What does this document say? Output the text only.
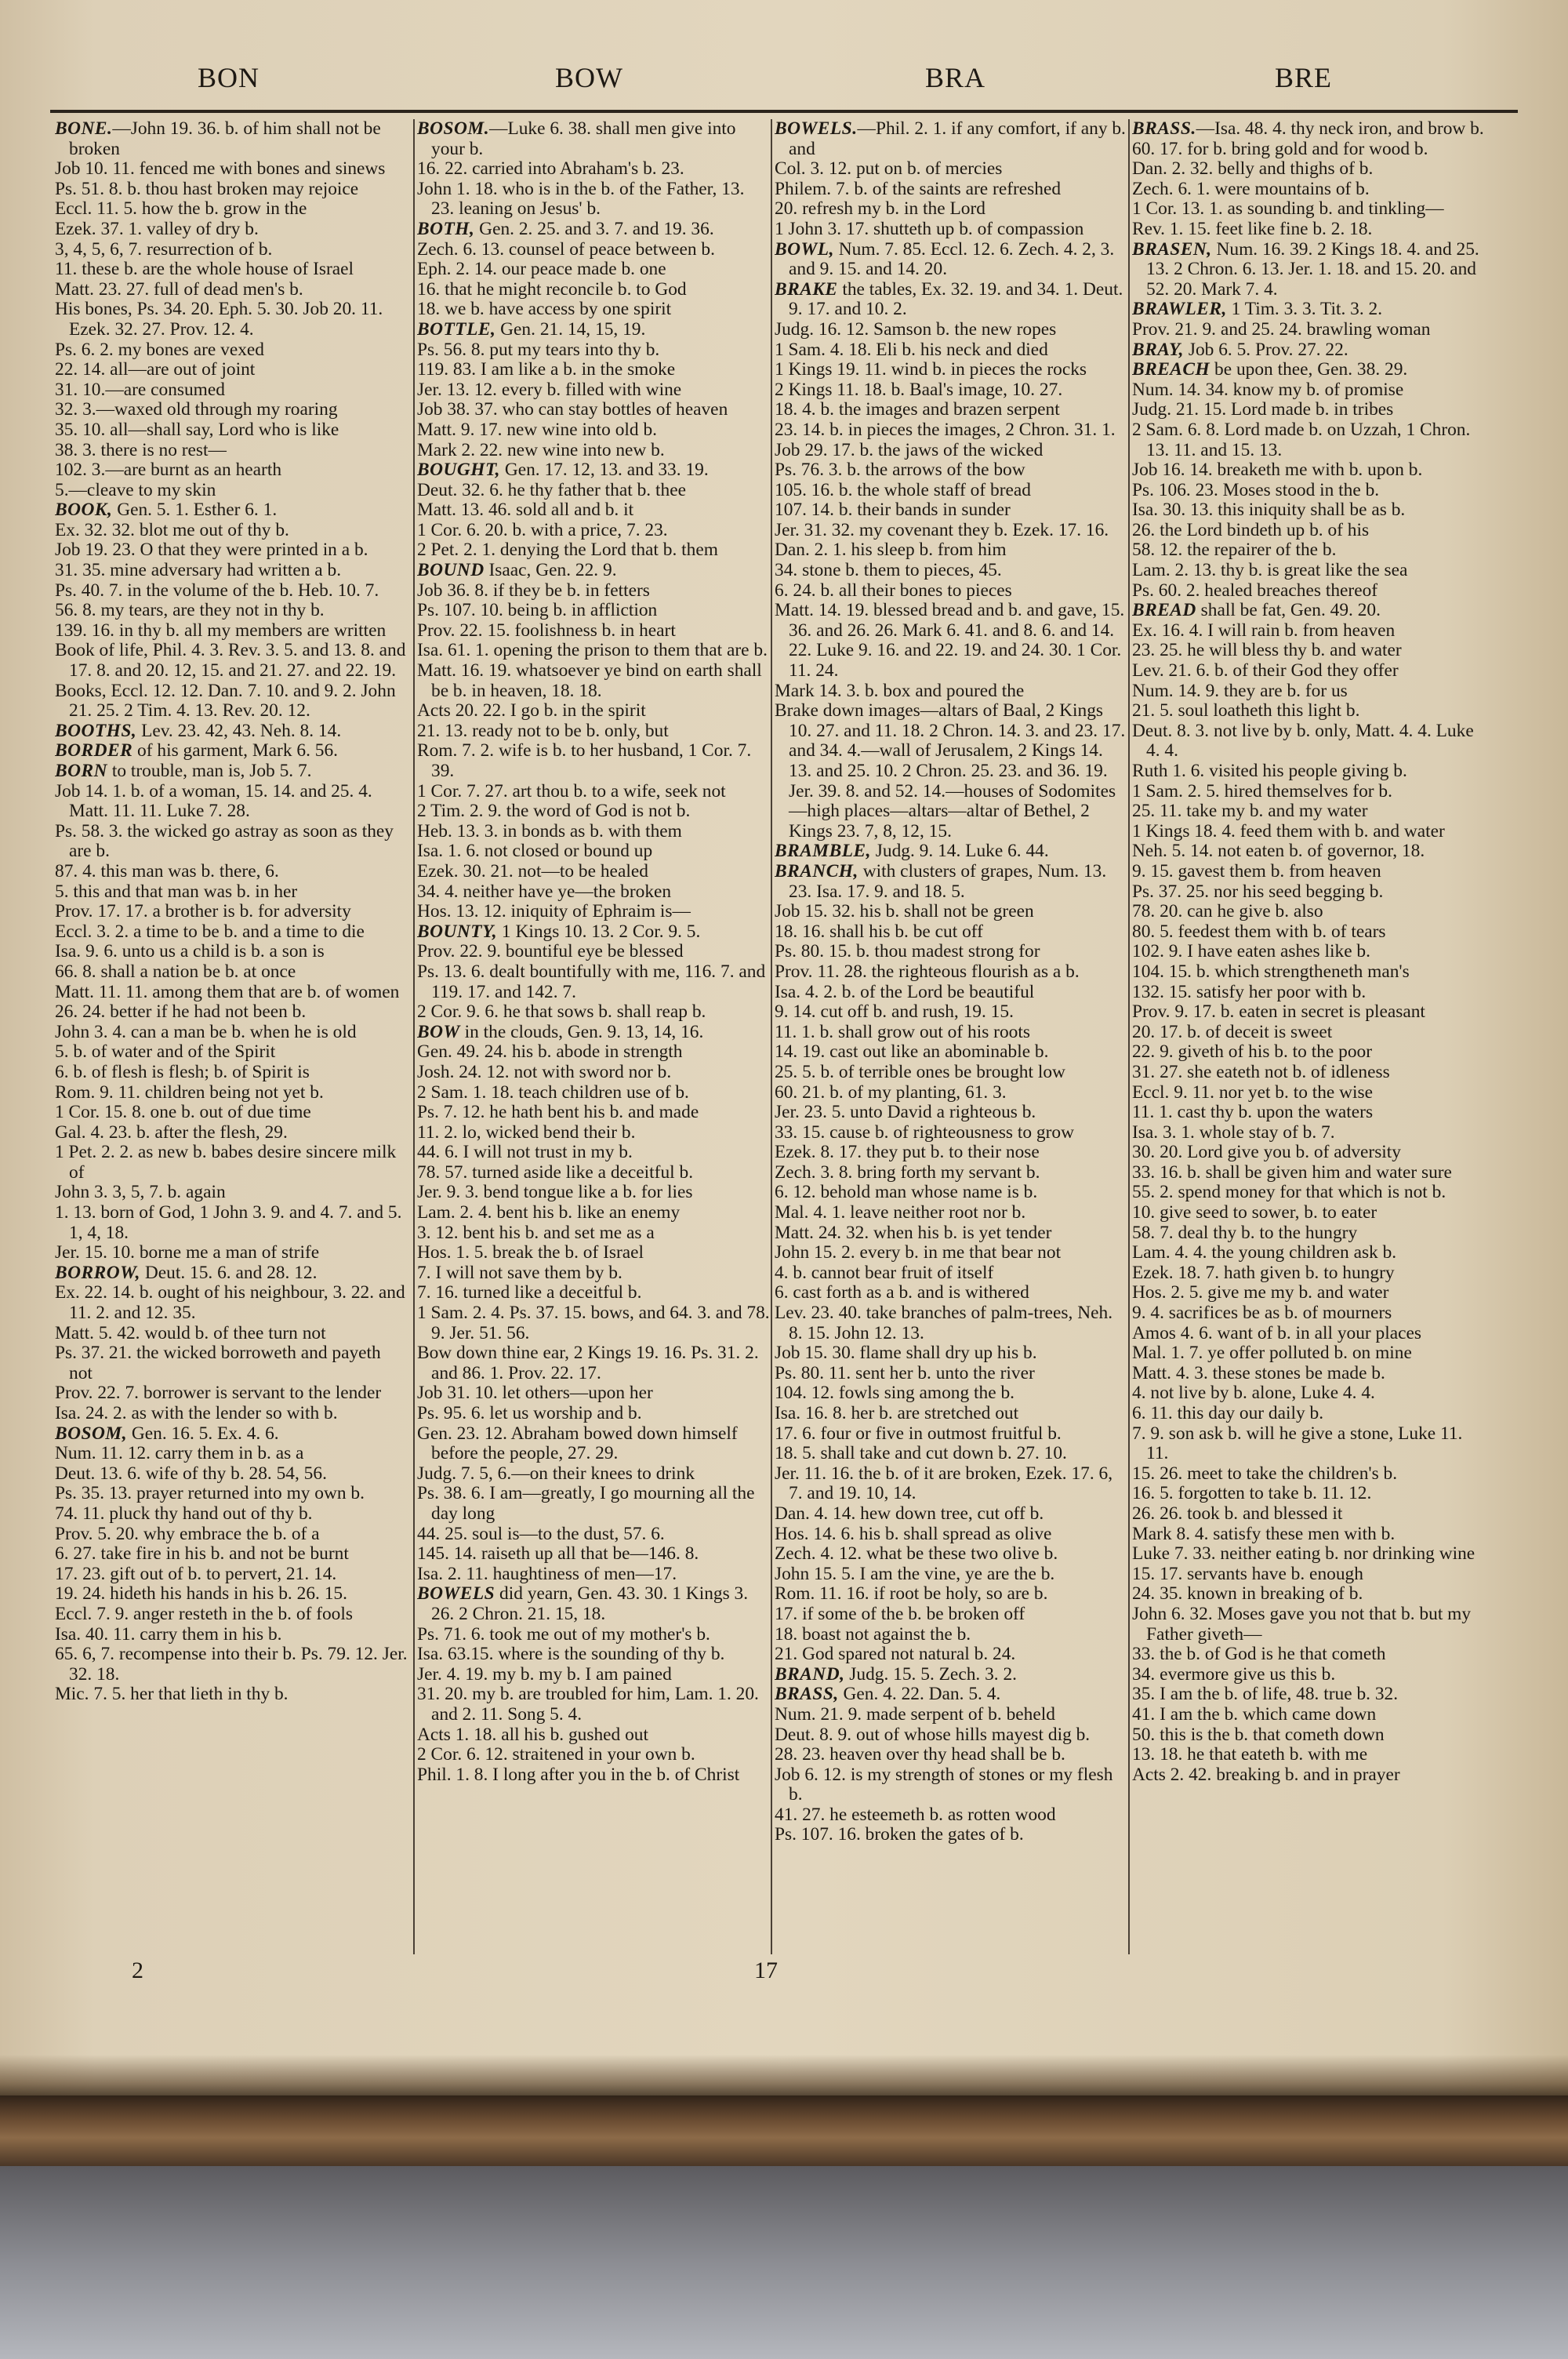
BON	BOW	BRA	BRE

BONE.—John 19. 36. b. of him shall not be broken

Job 10. 11. fenced me with bones and sinews

Ps. 51. 8. b. thou hast broken may rejoice

Eccl. 11. 5. how the b. grow in the

Ezek. 37. 1. valley of dry b.

3, 4, 5, 6, 7. resurrection of b.

11. these b. are the whole house of Israel

Matt. 23. 27. full of dead men's b.

His bones, Ps. 34. 20. Eph. 5. 30. Job 20. 11. Ezek. 32. 27. Prov. 12. 4.

Ps. 6. 2. my bones are vexed

22. 14. all—are out of joint

31. 10.—are consumed

32. 3.—waxed old through my roaring

35. 10. all—shall say, Lord who is like

38. 3. there is no rest—

102. 3.—are burnt as an hearth

5.—cleave to my skin

BOOK, Gen. 5. 1. Esther 6. 1.

Ex. 32. 32. blot me out of thy b.

Job 19. 23. O that they were printed in a b.

31. 35. mine adversary had written a b.

Ps. 40. 7. in the volume of the b. Heb. 10. 7.

56. 8. my tears, are they not in thy b.

139. 16. in thy b. all my members are written

Book of life, Phil. 4. 3. Rev. 3. 5. and 13. 8. and 17. 8. and 20. 12, 15. and 21. 27. and 22. 19.

Books, Eccl. 12. 12. Dan. 7. 10. and 9. 2. John 21. 25. 2 Tim. 4. 13. Rev. 20. 12.

BOOTHS, Lev. 23. 42, 43. Neh. 8. 14.

BORDER of his garment, Mark 6. 56.

BORN to trouble, man is, Job 5. 7.

Job 14. 1. b. of a woman, 15. 14. and 25. 4. Matt. 11. 11. Luke 7. 28.

Ps. 58. 3. the wicked go astray as soon as they are b.

87. 4. this man was b. there, 6.

5. this and that man was b. in her

Prov. 17. 17. a brother is b. for adversity

Eccl. 3. 2. a time to be b. and a time to die

Isa. 9. 6. unto us a child is b. a son is

66. 8. shall a nation be b. at once

Matt. 11. 11. among them that are b. of women

26. 24. better if he had not been b.

John 3. 4. can a man be b. when he is old

5. b. of water and of the Spirit

6. b. of flesh is flesh; b. of Spirit is

Rom. 9. 11. children being not yet b.

1 Cor. 15. 8. one b. out of due time

Gal. 4. 23. b. after the flesh, 29.

1 Pet. 2. 2. as new b. babes desire sincere milk of

John 3. 3, 5, 7. b. again

1. 13. born of God, 1 John 3. 9. and 4. 7. and 5. 1, 4, 18.

Jer. 15. 10. borne me a man of strife

BORROW, Deut. 15. 6. and 28. 12.

Ex. 22. 14. b. ought of his neighbour, 3. 22. and 11. 2. and 12. 35.

Matt. 5. 42. would b. of thee turn not

Ps. 37. 21. the wicked borroweth and payeth not

Prov. 22. 7. borrower is servant to the lender

Isa. 24. 2. as with the lender so with b.

BOSOM, Gen. 16. 5. Ex. 4. 6.

Num. 11. 12. carry them in b. as a

Deut. 13. 6. wife of thy b. 28. 54, 56.

Ps. 35. 13. prayer returned into my own b.

74. 11. pluck thy hand out of thy b.

Prov. 5. 20. why embrace the b. of a

6. 27. take fire in his b. and not be burnt

17. 23. gift out of b. to pervert, 21. 14.

19. 24. hideth his hands in his b. 26. 15.

Eccl. 7. 9. anger resteth in the b. of fools

Isa. 40. 11. carry them in his b.

65. 6, 7. recompense into their b. Ps. 79. 12. Jer. 32. 18.

Mic. 7. 5. her that lieth in thy b.

BOSOM.—Luke 6. 38. shall men give into your b.

16. 22. carried into Abraham's b. 23.

John 1. 18. who is in the b. of the Father, 13. 23. leaning on Jesus' b.

BOTH, Gen. 2. 25. and 3. 7. and 19. 36.

Zech. 6. 13. counsel of peace between b.

Eph. 2. 14. our peace made b. one

16. that he might reconcile b. to God

18. we b. have access by one spirit

BOTTLE, Gen. 21. 14, 15, 19.

Ps. 56. 8. put my tears into thy b.

119. 83. I am like a b. in the smoke

Jer. 13. 12. every b. filled with wine

Job 38. 37. who can stay bottles of heaven

Matt. 9. 17. new wine into old b.

Mark 2. 22. new wine into new b.

BOUGHT, Gen. 17. 12, 13. and 33. 19.

Deut. 32. 6. he thy father that b. thee

Matt. 13. 46. sold all and b. it

1 Cor. 6. 20. b. with a price, 7. 23.

2 Pet. 2. 1. denying the Lord that b. them

BOUND Isaac, Gen. 22. 9.

Job 36. 8. if they be b. in fetters

Ps. 107. 10. being b. in affliction

Prov. 22. 15. foolishness b. in heart

Isa. 61. 1. opening the prison to them that are b.

Matt. 16. 19. whatsoever ye bind on earth shall be b. in heaven, 18. 18.

Acts 20. 22. I go b. in the spirit

21. 13. ready not to be b. only, but

Rom. 7. 2. wife is b. to her husband, 1 Cor. 7. 39.

1 Cor. 7. 27. art thou b. to a wife, seek not

2 Tim. 2. 9. the word of God is not b.

Heb. 13. 3. in bonds as b. with them

Isa. 1. 6. not closed or bound up

Ezek. 30. 21. not—to be healed

34. 4. neither have ye—the broken

Hos. 13. 12. iniquity of Ephraim is—

BOUNTY, 1 Kings 10. 13. 2 Cor. 9. 5.

Prov. 22. 9. bountiful eye be blessed

Ps. 13. 6. dealt bountifully with me, 116. 7. and 119. 17. and 142. 7.

2 Cor. 9. 6. he that sows b. shall reap b.

BOW in the clouds, Gen. 9. 13, 14, 16.

Gen. 49. 24. his b. abode in strength

Josh. 24. 12. not with sword nor b.

2 Sam. 1. 18. teach children use of b.

Ps. 7. 12. he hath bent his b. and made

11. 2. lo, wicked bend their b.

44. 6. I will not trust in my b.

78. 57. turned aside like a deceitful b.

Jer. 9. 3. bend tongue like a b. for lies

Lam. 2. 4. bent his b. like an enemy

3. 12. bent his b. and set me as a

Hos. 1. 5. break the b. of Israel

7. I will not save them by b.

7. 16. turned like a deceitful b.

1 Sam. 2. 4. Ps. 37. 15. bows, and 64. 3. and 78. 9. Jer. 51. 56.

Bow down thine ear, 2 Kings 19. 16. Ps. 31. 2. and 86. 1. Prov. 22. 17.

Job 31. 10. let others—upon her

Ps. 95. 6. let us worship and b.

Gen. 23. 12. Abraham bowed down himself before the people, 27. 29.

Judg. 7. 5, 6.—on their knees to drink

Ps. 38. 6. I am—greatly, I go mourning all the day long

44. 25. soul is—to the dust, 57. 6.

145. 14. raiseth up all that be—146. 8.

Isa. 2. 11. haughtiness of men—17.

BOWELS did yearn, Gen. 43. 30. 1 Kings 3. 26. 2 Chron. 21. 15, 18.

Ps. 71. 6. took me out of my mother's b.

Isa. 63.15. where is the sounding of thy b.

Jer. 4. 19. my b. my b. I am pained

31. 20. my b. are troubled for him, Lam. 1. 20. and 2. 11. Song 5. 4.

Acts 1. 18. all his b. gushed out

2 Cor. 6. 12. straitened in your own b.

Phil. 1. 8. I long after you in the b. of Christ

BOWELS.—Phil. 2. 1. if any comfort, if any b. and

Col. 3. 12. put on b. of mercies

Philem. 7. b. of the saints are refreshed

20. refresh my b. in the Lord

1 John 3. 17. shutteth up b. of compassion

BOWL, Num. 7. 85. Eccl. 12. 6. Zech. 4. 2, 3. and 9. 15. and 14. 20.

BRAKE the tables, Ex. 32. 19. and 34. 1. Deut. 9. 17. and 10. 2.

Judg. 16. 12. Samson b. the new ropes

1 Sam. 4. 18. Eli b. his neck and died

1 Kings 19. 11. wind b. in pieces the rocks

2 Kings 11. 18. b. Baal's image, 10. 27.

18. 4. b. the images and brazen serpent

23. 14. b. in pieces the images, 2 Chron. 31. 1.

Job 29. 17. b. the jaws of the wicked

Ps. 76. 3. b. the arrows of the bow

105. 16. b. the whole staff of bread

107. 14. b. their bands in sunder

Jer. 31. 32. my covenant they b. Ezek. 17. 16.

Dan. 2. 1. his sleep b. from him

34. stone b. them to pieces, 45.

6. 24. b. all their bones to pieces

Matt. 14. 19. blessed bread and b. and gave, 15. 36. and 26. 26. Mark 6. 41. and 8. 6. and 14. 22. Luke 9. 16. and 22. 19. and 24. 30. 1 Cor. 11. 24.

Mark 14. 3. b. box and poured the

Brake down images—altars of Baal, 2 Kings 10. 27. and 11. 18. 2 Chron. 14. 3. and 23. 17. and 34. 4.—wall of Jerusalem, 2 Kings 14. 13. and 25. 10. 2 Chron. 25. 23. and 36. 19. Jer. 39. 8. and 52. 14.—houses of Sodomites—high places—altars—altar of Bethel, 2 Kings 23. 7, 8, 12, 15.

BRAMBLE, Judg. 9. 14. Luke 6. 44.

BRANCH, with clusters of grapes, Num. 13. 23. Isa. 17. 9. and 18. 5.

Job 15. 32. his b. shall not be green

18. 16. shall his b. be cut off

Ps. 80. 15. b. thou madest strong for

Prov. 11. 28. the righteous flourish as a b.

Isa. 4. 2. b. of the Lord be beautiful

9. 14. cut off b. and rush, 19. 15.

11. 1. b. shall grow out of his roots

14. 19. cast out like an abominable b.

25. 5. b. of terrible ones be brought low

60. 21. b. of my planting, 61. 3.

Jer. 23. 5. unto David a righteous b.

33. 15. cause b. of righteousness to grow

Ezek. 8. 17. they put b. to their nose

Zech. 3. 8. bring forth my servant b.

6. 12. behold man whose name is b.

Mal. 4. 1. leave neither root nor b.

Matt. 24. 32. when his b. is yet tender

John 15. 2. every b. in me that bear not

4. b. cannot bear fruit of itself

6. cast forth as a b. and is withered

Lev. 23. 40. take branches of palm-trees, Neh. 8. 15. John 12. 13.

Job 15. 30. flame shall dry up his b.

Ps. 80. 11. sent her b. unto the river

104. 12. fowls sing among the b.

Isa. 16. 8. her b. are stretched out

17. 6. four or five in outmost fruitful b.

18. 5. shall take and cut down b. 27. 10.

Jer. 11. 16. the b. of it are broken, Ezek. 17. 6, 7. and 19. 10, 14.

Dan. 4. 14. hew down tree, cut off b.

Hos. 14. 6. his b. shall spread as olive

Zech. 4. 12. what be these two olive b.

John 15. 5. I am the vine, ye are the b.

Rom. 11. 16. if root be holy, so are b.

17. if some of the b. be broken off

18. boast not against the b.

21. God spared not natural b. 24.

BRAND, Judg. 15. 5. Zech. 3. 2.

BRASS, Gen. 4. 22. Dan. 5. 4.

Num. 21. 9. made serpent of b. beheld

Deut. 8. 9. out of whose hills mayest dig b.

28. 23. heaven over thy head shall be b.

Job 6. 12. is my strength of stones or my flesh b.

41. 27. he esteemeth b. as rotten wood

Ps. 107. 16. broken the gates of b.

BRASS.—Isa. 48. 4. thy neck iron, and brow b.

60. 17. for b. bring gold and for wood b.

Dan. 2. 32. belly and thighs of b.

Zech. 6. 1. were mountains of b.

1 Cor. 13. 1. as sounding b. and tinkling—

Rev. 1. 15. feet like fine b. 2. 18.

BRASEN, Num. 16. 39. 2 Kings 18. 4. and 25. 13. 2 Chron. 6. 13. Jer. 1. 18. and 15. 20. and 52. 20. Mark 7. 4.

BRAWLER, 1 Tim. 3. 3. Tit. 3. 2.

Prov. 21. 9. and 25. 24. brawling woman

BRAY, Job 6. 5. Prov. 27. 22.

BREACH be upon thee, Gen. 38. 29.

Num. 14. 34. know my b. of promise

Judg. 21. 15. Lord made b. in tribes

2 Sam. 6. 8. Lord made b. on Uzzah, 1 Chron. 13. 11. and 15. 13.

Job 16. 14. breaketh me with b. upon b.

Ps. 106. 23. Moses stood in the b.

Isa. 30. 13. this iniquity shall be as b.

26. the Lord bindeth up b. of his

58. 12. the repairer of the b.

Lam. 2. 13. thy b. is great like the sea

Ps. 60. 2. healed breaches thereof

BREAD shall be fat, Gen. 49. 20.

Ex. 16. 4. I will rain b. from heaven

23. 25. he will bless thy b. and water

Lev. 21. 6. b. of their God they offer

Num. 14. 9. they are b. for us

21. 5. soul loatheth this light b.

Deut. 8. 3. not live by b. only, Matt. 4. 4. Luke 4. 4.

Ruth 1. 6. visited his people giving b.

1 Sam. 2. 5. hired themselves for b.

25. 11. take my b. and my water

1 Kings 18. 4. feed them with b. and water

Neh. 5. 14. not eaten b. of governor, 18.

9. 15. gavest them b. from heaven

Ps. 37. 25. nor his seed begging b.

78. 20. can he give b. also

80. 5. feedest them with b. of tears

102. 9. I have eaten ashes like b.

104. 15. b. which strengtheneth man's

132. 15. satisfy her poor with b.

Prov. 9. 17. b. eaten in secret is pleasant

20. 17. b. of deceit is sweet

22. 9. giveth of his b. to the poor

31. 27. she eateth not b. of idleness

Eccl. 9. 11. nor yet b. to the wise

11. 1. cast thy b. upon the waters

Isa. 3. 1. whole stay of b. 7.

30. 20. Lord give you b. of adversity

33. 16. b. shall be given him and water sure

55. 2. spend money for that which is not b.

10. give seed to sower, b. to eater

58. 7. deal thy b. to the hungry

Lam. 4. 4. the young children ask b.

Ezek. 18. 7. hath given b. to hungry

Hos. 2. 5. give me my b. and water

9. 4. sacrifices be as b. of mourners

Amos 4. 6. want of b. in all your places

Mal. 1. 7. ye offer polluted b. on mine

Matt. 4. 3. these stones be made b.

4. not live by b. alone, Luke 4. 4.

6. 11. this day our daily b.

7. 9. son ask b. will he give a stone, Luke 11. 11.

15. 26. meet to take the children's b.

16. 5. forgotten to take b. 11. 12.

26. 26. took b. and blessed it

Mark 8. 4. satisfy these men with b.

Luke 7. 33. neither eating b. nor drinking wine

15. 17. servants have b. enough

24. 35. known in breaking of b.

John 6. 32. Moses gave you not that b. but my Father giveth—

33. the b. of God is he that cometh

34. evermore give us this b.

35. I am the b. of life, 48. true b. 32.

41. I am the b. which came down

50. this is the b. that cometh down

13. 18. he that eateth b. with me

Acts 2. 42. breaking b. and in prayer

2	17
